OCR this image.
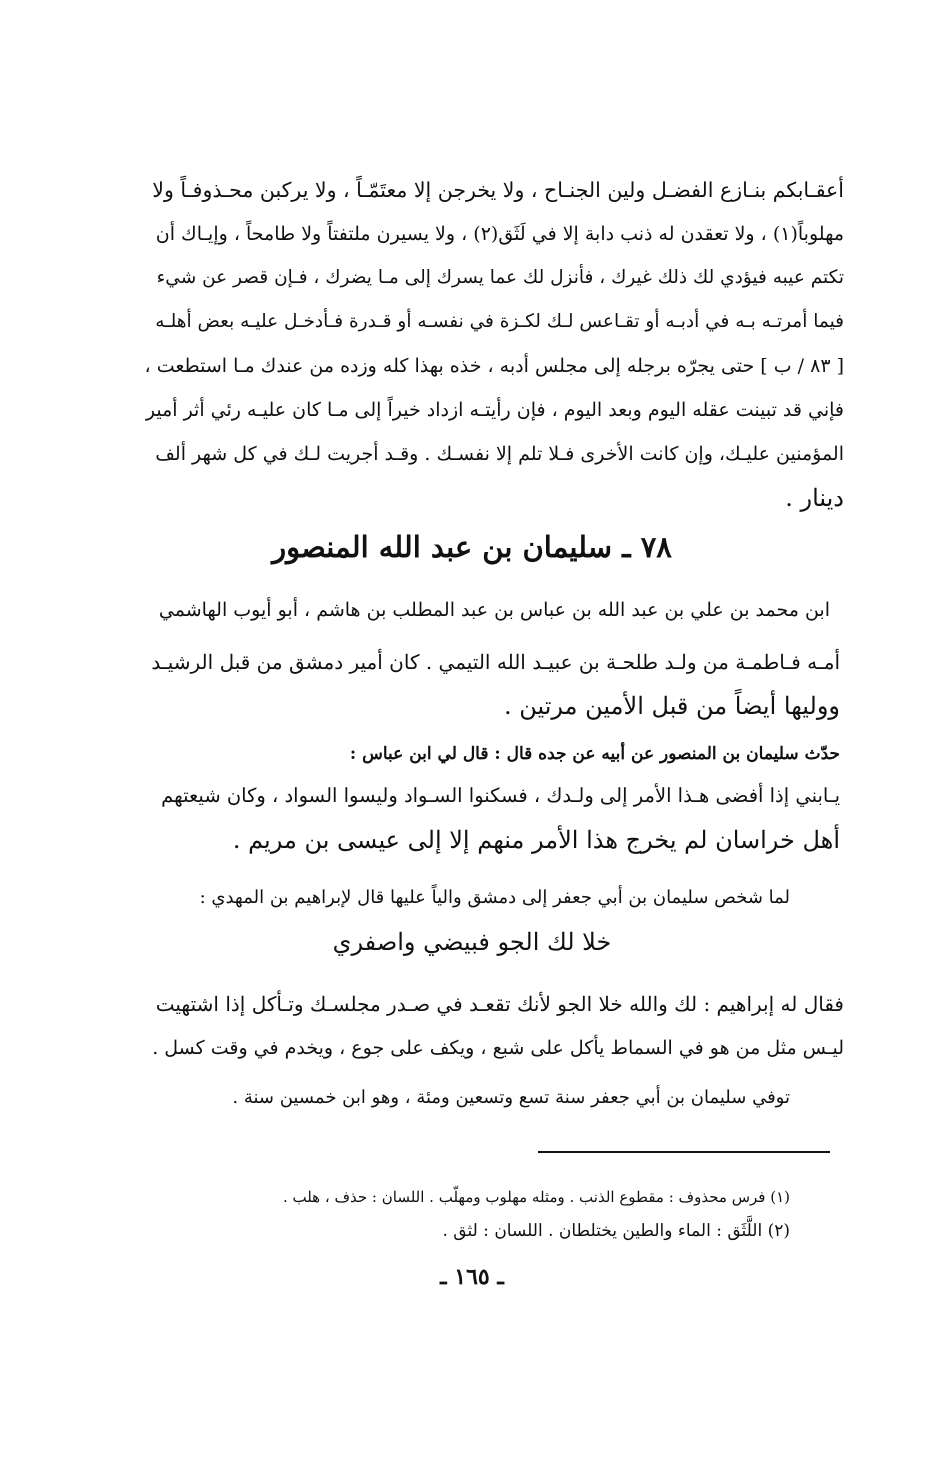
أعقـابكم بنـازع الفضـل ولين الجنـاح ، ولا يخرجن إلا معتَمّـاً ، ولا يركبن محـذوفـاً ولا
مهلوباً(١) ، ولا تعقدن له ذنب دابة إلا في لَثَق(٢) ، ولا يسيرن ملتفتاً ولا طامحاً ، وإيـاك أن
تكتم عيبه فيؤدي لك ذلك غيرك ، فأنزل لك عما يسرك إلى مـا يضرك ، فـإن قصر عن شيء
فيما أمرتـه بـه في أدبـه أو تقـاعس لـك لكـزة في نفسـه أو قـدرة فـأدخـل عليـه بعض أهلـه
[ ٨٣ / ب ] حتى يجرّه برجله إلى مجلس أدبه ، خذه بهذا كله وزده من عندك مـا استطعت ،
فإني قد تبينت عقله اليوم وبعد اليوم ، فإن رأيتـه ازداد خيراً إلى مـا كان عليـه رئي أثر أمير
المؤمنين عليـك، وإن كانت الأخرى فـلا تلم إلا نفسـك . وقـد أجريت لـك في كل شهر ألف
دينار .
٧٨ ـ سليمان بن عبد الله المنصور
ابن محمد بن علي بن عبد الله بن عباس بن عبد المطلب بن هاشم ، أبو أيوب الهاشمي
أمـه فـاطمـة من ولـد طلحـة بن عبيـد الله التيمي . كان أمير دمشق من قبل الرشيـد
ووليها أيضاً من قبل الأمين مرتين .
حدّث سليمان بن المنصور عن أبيه عن جده قال : قال لي ابن عباس :
يـابني إذا أفضى هـذا الأمر إلى ولـدك ، فسكنوا السـواد وليسوا السواد ، وكان شيعتهم
أهل خراسان لم يخرج هذا الأمر منهم إلا إلى عيسى بن مريم .
لما شخص سليمان بن أبي جعفر إلى دمشق والياً عليها قال لإبراهيم بن المهدي :
خلا لك الجو فبيضي واصفري
فقال له إبراهيم : لك والله خلا الجو لأنك تقعـد في صـدر مجلسـك وتـأكل إذا اشتهيت
ليـس مثل من هو في السماط يأكل على شبع ، ويكف على جوع ، ويخدم في وقت كسل .
توفي سليمان بن أبي جعفر سنة تسع وتسعين ومئة ، وهو ابن خمسين سنة .
(١) فرس محذوف : مقطوع الذنب . ومثله مهلوب ومهلّب . اللسان : حذف ، هلب .
(٢) اللَّثَق : الماء والطين يختلطان . اللسان : لثق .
ـ ١٦٥ ـ
